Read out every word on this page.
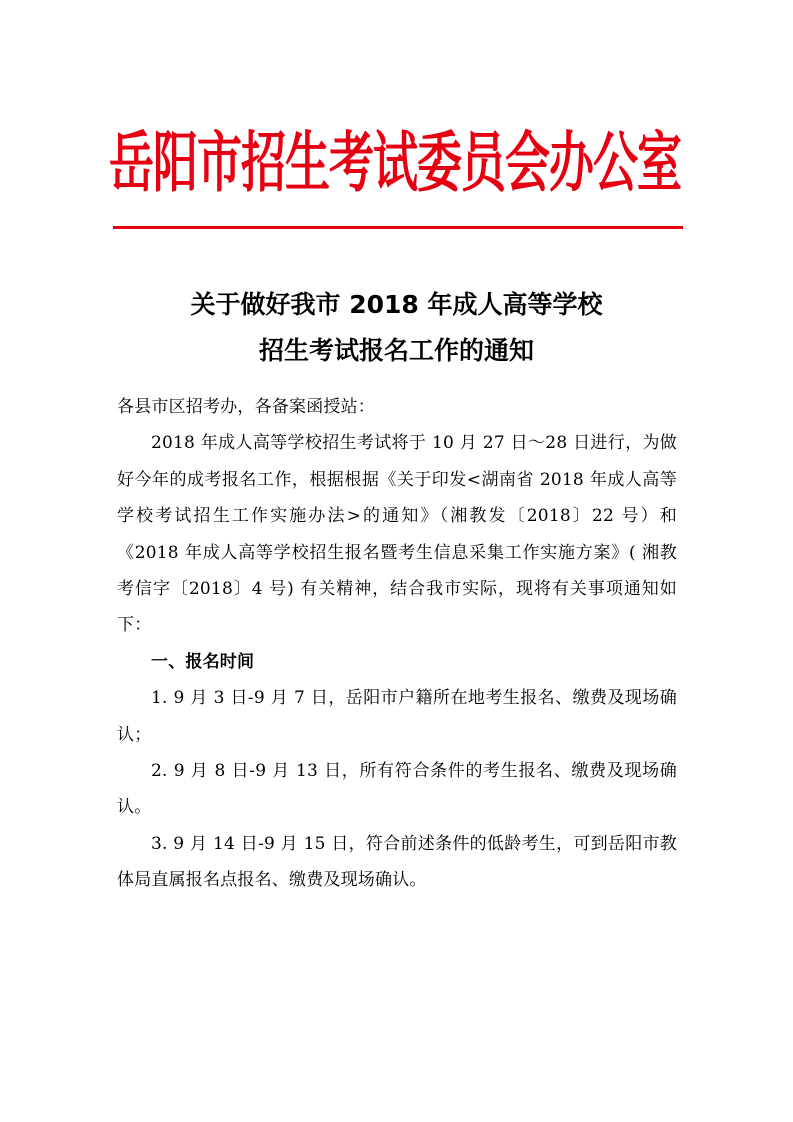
岳阳市招生考试委员会办公室
关于做好我市 2018 年成人高等学校
招生考试报名工作的通知

各县市区招考办，各备案函授站：

2018 年成人高等学校招生考试将于 10 月 27 日～28 日进行，为做好今年的成考报名工作，根据根据《关于印发<湖南省 2018 年成人高等学校考试招生工作实施办法>的通知》（湘教发〔2018〕22 号）和《2018 年成人高等学校招生报名暨考生信息采集工作实施方案》( 湘教考信字〔2018〕4 号) 有关精神，结合我市实际，现将有关事项通知如下：

一、报名时间

1. 9 月 3 日-9 月 7 日，岳阳市户籍所在地考生报名、缴费及现场确认；

2. 9 月 8 日-9 月 13 日，所有符合条件的考生报名、缴费及现场确认。

3. 9 月 14 日-9 月 15 日，符合前述条件的低龄考生，可到岳阳市教体局直属报名点报名、缴费及现场确认。
